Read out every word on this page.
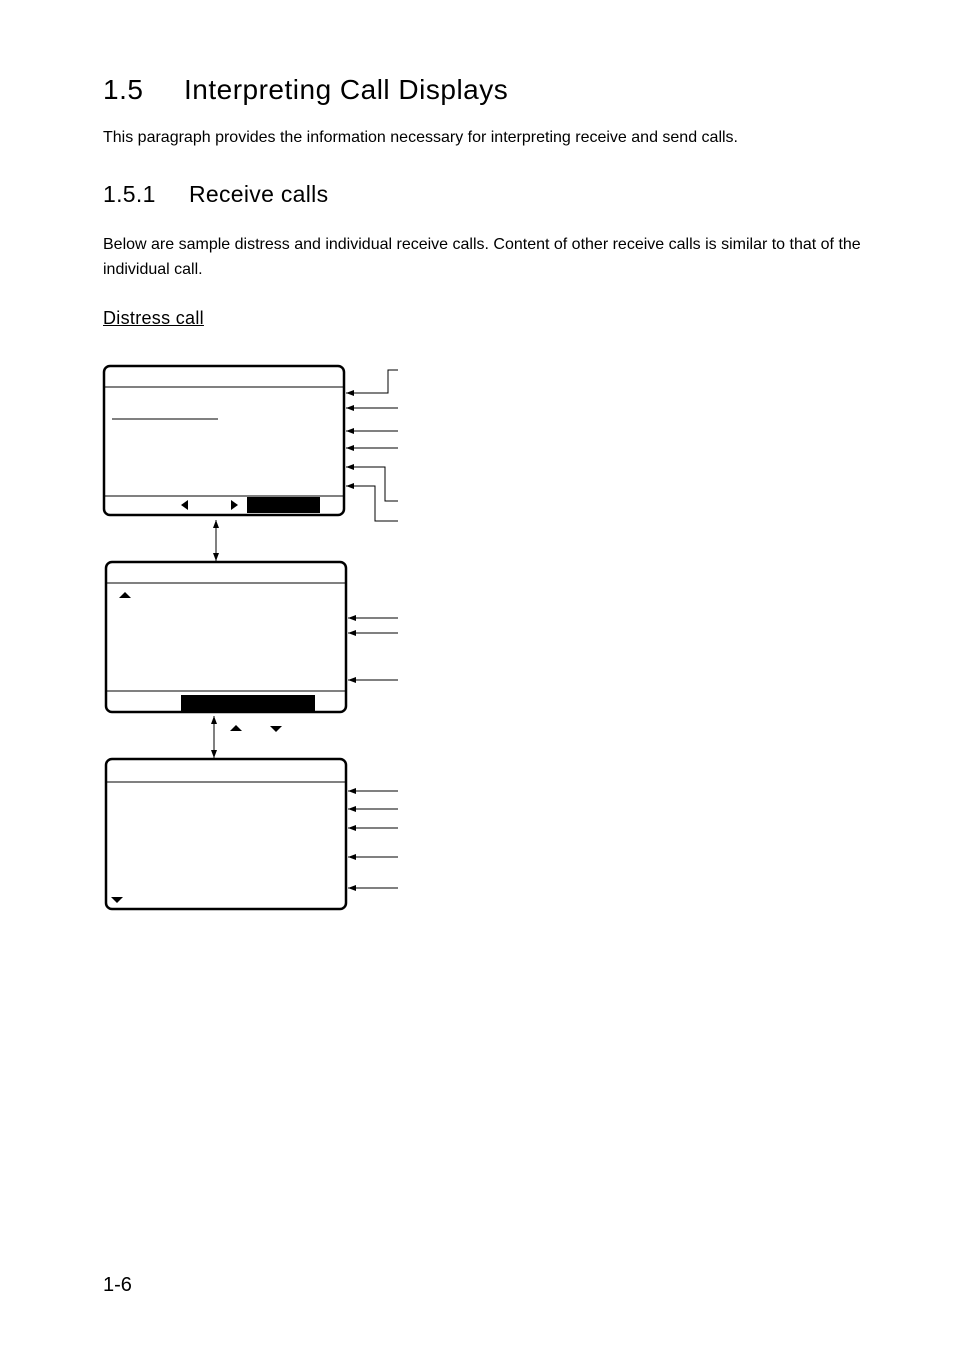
1.5 Interpreting Call Displays
This paragraph provides the information necessary for interpreting receive and send calls.
1.5.1 Receive calls
Below are sample distress and individual receive calls. Content of other receive calls is similar to that of the individual call.
Distress call
1-6
